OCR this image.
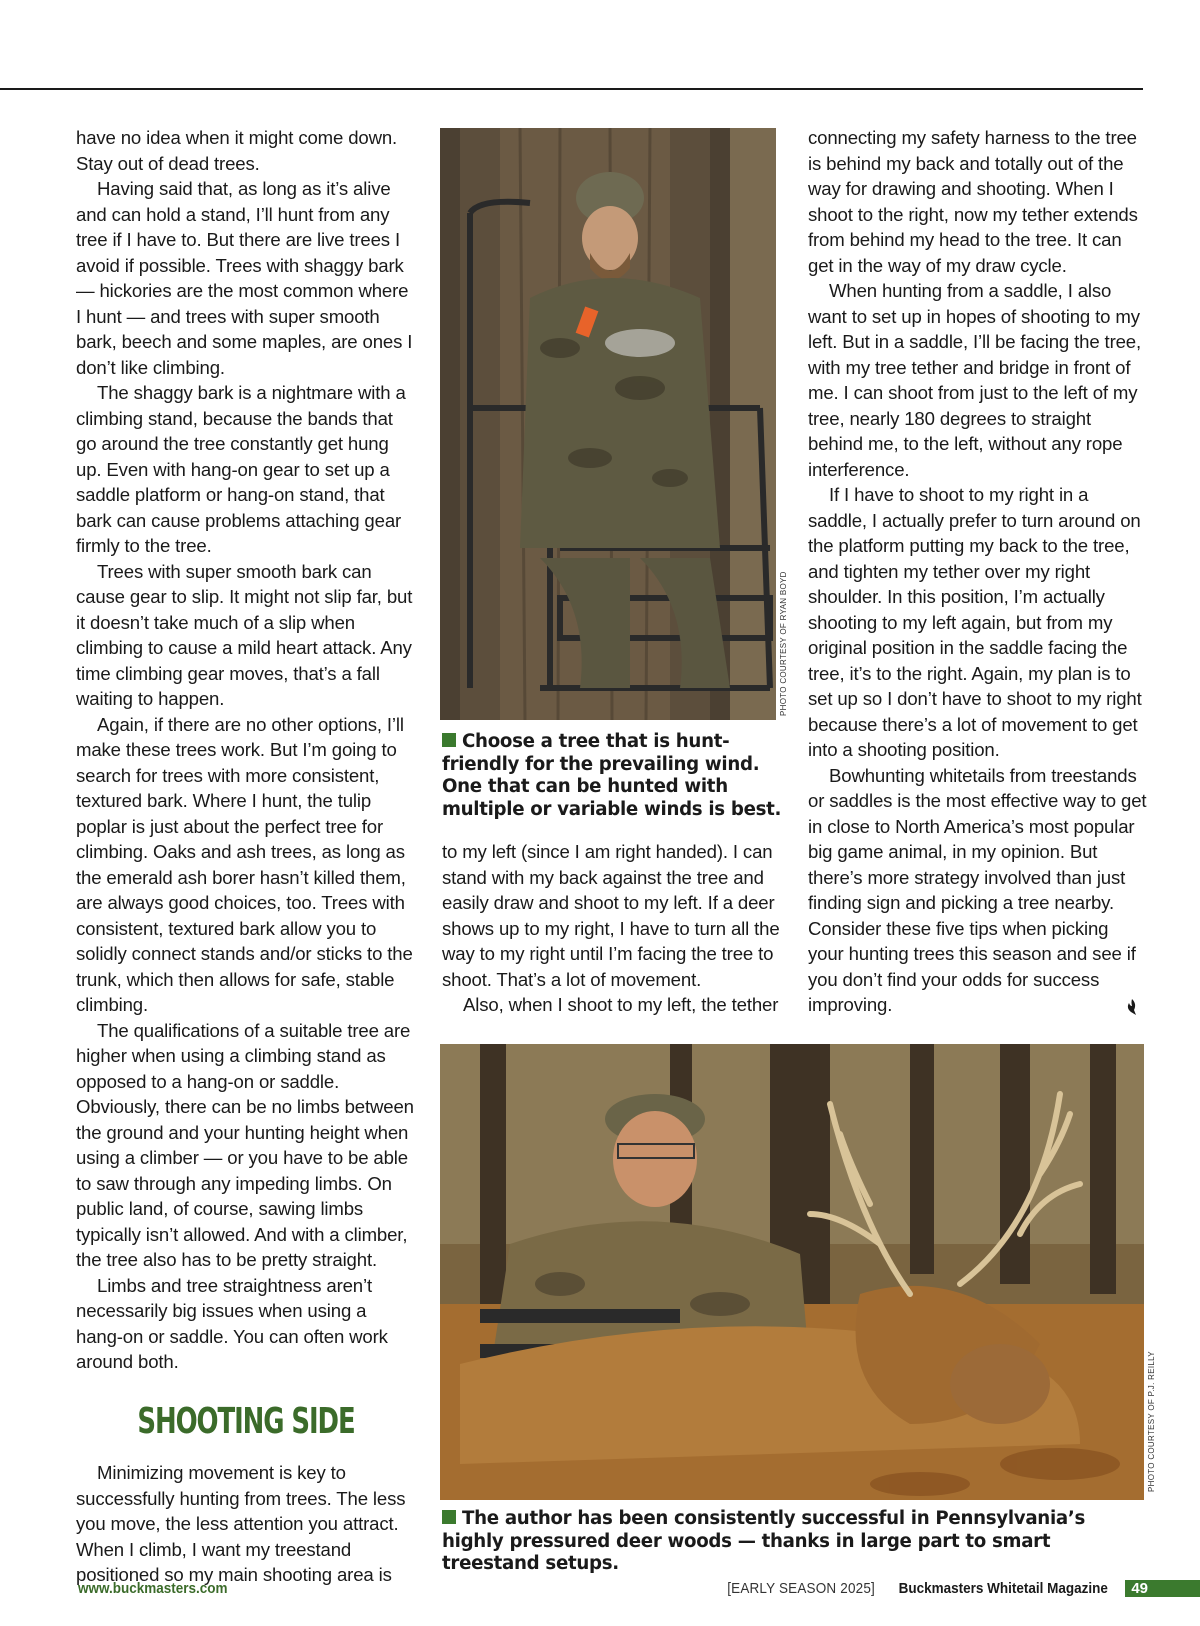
have no idea when it might come down. Stay out of dead trees.

Having said that, as long as it’s alive and can hold a stand, I’ll hunt from any tree if I have to. But there are live trees I avoid if possible. Trees with shaggy bark — hickories are the most common where I hunt — and trees with super smooth bark, beech and some maples, are ones I don’t like climbing.

The shaggy bark is a nightmare with a climbing stand, because the bands that go around the tree constantly get hung up. Even with hang-on gear to set up a saddle platform or hang-on stand, that bark can cause problems attaching gear firmly to the tree.

Trees with super smooth bark can cause gear to slip. It might not slip far, but it doesn’t take much of a slip when climbing to cause a mild heart attack. Any time climbing gear moves, that’s a fall waiting to happen.

Again, if there are no other options, I’ll make these trees work. But I’m going to search for trees with more consistent, textured bark. Where I hunt, the tulip poplar is just about the perfect tree for climbing. Oaks and ash trees, as long as the emerald ash borer hasn’t killed them, are always good choices, too. Trees with consistent, textured bark allow you to solidly connect stands and/or sticks to the trunk, which then allows for safe, stable climbing.

The qualifications of a suitable tree are higher when using a climbing stand as opposed to a hang-on or saddle. Obviously, there can be no limbs between the ground and your hunting height when using a climber — or you have to be able to saw through any impeding limbs. On public land, of course, sawing limbs typically isn’t allowed. And with a climber, the tree also has to be pretty straight.

Limbs and tree straightness aren’t necessarily big issues when using a hang-on or saddle. You can often work around both.

SHOOTING SIDE

Minimizing movement is key to successfully hunting from trees. The less you move, the less attention you attract. When I climb, I want my treestand positioned so my main shooting area is

PHOTO COURTESY OF RYAN BOYD
Choose a tree that is hunt-friendly for the prevailing wind. One that can be hunted with multiple or variable winds is best.

to my left (since I am right handed). I can stand with my back against the tree and easily draw and shoot to my left. If a deer shows up to my right, I have to turn all the way to my right until I’m facing the tree to shoot. That’s a lot of movement.

Also, when I shoot to my left, the tether

connecting my safety harness to the tree is behind my back and totally out of the way for drawing and shooting. When I shoot to the right, now my tether extends from behind my head to the tree. It can get in the way of my draw cycle.

When hunting from a saddle, I also want to set up in hopes of shooting to my left. But in a saddle, I’ll be facing the tree, with my tree tether and bridge in front of me. I can shoot from just to the left of my tree, nearly 180 degrees to straight behind me, to the left, without any rope interference.

If I have to shoot to my right in a saddle, I actually prefer to turn around on the platform putting my back to the tree, and tighten my tether over my right shoulder. In this position, I’m actually shooting to my left again, but from my original position in the saddle facing the tree, it’s to the right. Again, my plan is to set up so I don’t have to shoot to my right because there’s a lot of movement to get into a shooting position.

Bowhunting whitetails from treestands or saddles is the most effective way to get in close to North America’s most popular big game animal, in my opinion. But there’s more strategy involved than just finding sign and picking a tree nearby. Consider these five tips when picking your hunting trees this season and see if you don’t find your odds for success improving.

PHOTO COURTESY OF P.J. REILLY
The author has been consistently successful in Pennsylvania’s highly pressured deer woods — thanks in large part to smart treestand setups.
www.buckmasters.com	[EARLY SEASON 2025] Buckmasters Whitetail Magazine	49
